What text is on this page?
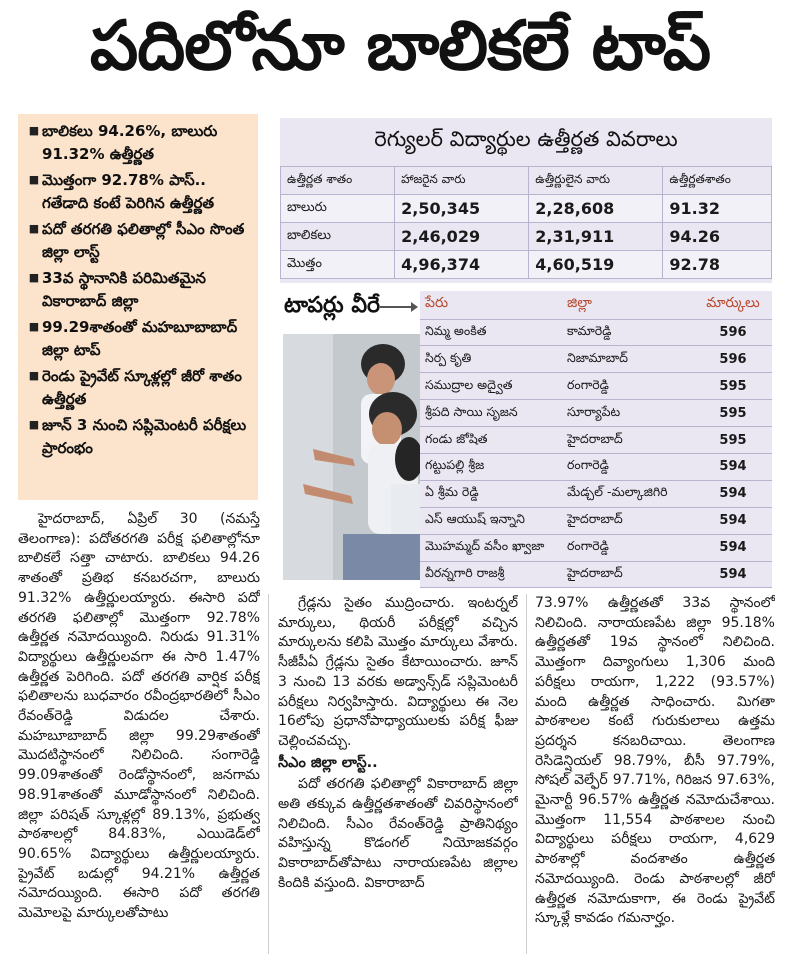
పదిలోనూ బాలికలే టాప్
■ బాలికలు 94.26%, బాలురు 91.32% ఉత్తీర్ణత
■ మొత్తంగా 92.78% పాస్.. గతేడాది కంటే పెరిగిన ఉత్తీర్ణత
■ పదో తరగతి ఫలితాల్లో సీఎం సొంత జిల్లా లాస్ట్
■ 33వ స్థానానికి పరిమితమైన వికారాబాద్ జిల్లా
■ 99.29శాతంతో మహబూబాబాద్ జిల్లా టాప్
■ రెండు ప్రైవేట్ స్కూళ్లల్లో జీరో శాతం ఉత్తీర్ణత
■ జూన్ 3 నుంచి సప్లిమెంటరీ పరీక్షలు ప్రారంభం
రెగ్యులర్ విద్యార్థుల ఉత్తీర్ణత వివరాలు
ఉత్తీర్ణత శాతం	హాజరైన వారు	ఉత్తీర్ణులైన వారు	ఉత్తీర్ణతశాతం
బాలురు	2,50,345	2,28,608	91.32
బాలికలు	2,46,029	2,31,911	94.26
మొత్తం	4,96,374	4,60,519	92.78
టాపర్లు వీరే	పేరు	జిల్లా	మార్కులు
నిమ్మ అంకిత	కామారెడ్డి	596
సిర్ప కృతి	నిజామాబాద్	596
సముద్రాల అద్వైత	రంగారెడ్డి	595
శ్రీపది సాయి సృజన	సూర్యాపేట	595
గండు జోషిత	హైదరాబాద్	595
గట్టుపల్లి శ్రీజ	రంగారెడ్డి	594
ఏ శ్రీమ రెడ్డి	మేడ్చల్ -మల్కాజిగిరి	594
ఎస్ ఆయుష్ ఇన్నాని	హైదరాబాద్	594
మొహమ్మద్ వసీం ఖ్వాజా	రంగారెడ్డి	594
వీరన్నగారి రాజశ్రీ	హైదరాబాద్	594

హైదరాబాద్, ఏప్రిల్ 30 (నమస్తే తెలంగాణ): పదోతరగతి పరీక్ష ఫలితాల్లోనూ బాలికలే సత్తా చాటారు. బాలికలు 94.26 శాతంతో ప్రతిభ కనబరచగా, బాలురు 91.32% ఉత్తీర్ణులయ్యారు. ఈసారి పదో తరగతి ఫలితాల్లో మొత్తంగా 92.78% ఉత్తీర్ణత నమోదయ్యింది. నిరుడు 91.31% విద్యార్థులు ఉత్తీర్ణులవగా ఈ సారి 1.47% ఉత్తీర్ణత పెరిగింది. పదో తరగతి వార్షిక పరీక్ష ఫలితాలను బుధవారం రవీంద్రభారతిలో సీఎం రేవంత్‌రెడ్డి విడుదల చేశారు. మహబూబాబాద్ జిల్లా 99.29శాతంతో మొదటిస్థానంలో నిలిచింది. సంగారెడ్డి 99.09శాతంతో రెండోస్థానంలో, జనగామ 98.91శాతంతో మూడోస్థానంలో నిలిచింది. జిల్లా పరిషత్ స్కూళ్లల్లో 89.13%, ప్రభుత్వ పాఠశాలల్లో 84.83%, ఎయిడెడ్‌లో 90.65% విద్యార్థులు ఉత్తీర్ణులయ్యారు. ప్రైవేట్ బడుల్లో 94.21% ఉత్తీర్ణత నమోదయ్యింది. ఈసారి పదో తరగతి మెమోలపై మార్కులతోపాటు

గ్రేడ్లను సైతం ముద్రించారు. ఇంటర్నల్ మార్కులు, థియరీ పరీక్షల్లో వచ్చిన మార్కులను కలిపి మొత్తం మార్కులు వేశారు. సీజీపీఏ గ్రేడ్లను సైతం కేటాయించారు. జూన్ 3 నుంచి 13 వరకు అడ్వాన్స్‌డ్ సప్లిమెంటరీ పరీక్షలు నిర్వహిస్తారు. విద్యార్థులు ఈ నెల 16లోపు ప్రధానోపాధ్యాయులకు పరీక్ష ఫీజు చెల్లించవచ్చు.

సీఎం జిల్లా లాస్ట్..

పదో తరగతి ఫలితాల్లో వికారాబాద్ జిల్లా అతి తక్కువ ఉత్తీర్ణతశాతంతో చివరిస్థానంలో నిలిచింది. సీఎం రేవంత్‌రెడ్డి ప్రాతినిథ్యం వహిస్తున్న కొడంగల్ నియోజకవర్గం వికారాబాద్‌తోపాటు నారాయణపేట జిల్లాల కిందికి వస్తుంది. వికారాబాద్

73.97% ఉత్తీర్ణతతో 33వ స్థానంలో నిలిచింది. నారాయణపేట జిల్లా 95.18% ఉత్తీర్ణతతో 19వ స్థానంలో నిలిచింది. మొత్తంగా దివ్యాంగులు 1,306 మంది పరీక్షలు రాయగా, 1,222 (93.57%) మంది ఉత్తీర్ణత సాధించారు. మిగతా పాఠశాలల కంటే గురుకులాలు ఉత్తమ ప్రదర్శన కనబరిచాయి. తెలంగాణ రెసిడెన్షియల్ 98.79%, బీసీ 97.79%, సోషల్ వెల్ఫేర్ 97.71%, గిరిజన 97.63%, మైనార్టీ 96.57% ఉత్తీర్ణత నమోదుచేశాయి. మొత్తంగా 11,554 పాఠశాలల నుంచి విద్యార్థులు పరీక్షలు రాయగా, 4,629 పాఠశాల్లో వందశాతం ఉత్తీర్ణత నమోదయ్యింది. రెండు పాఠశాలల్లో జీరో ఉత్తీర్ణత నమోదుకాగా, ఈ రెండు ప్రైవేట్ స్కూళ్లే కావడం గమనార్హం.
